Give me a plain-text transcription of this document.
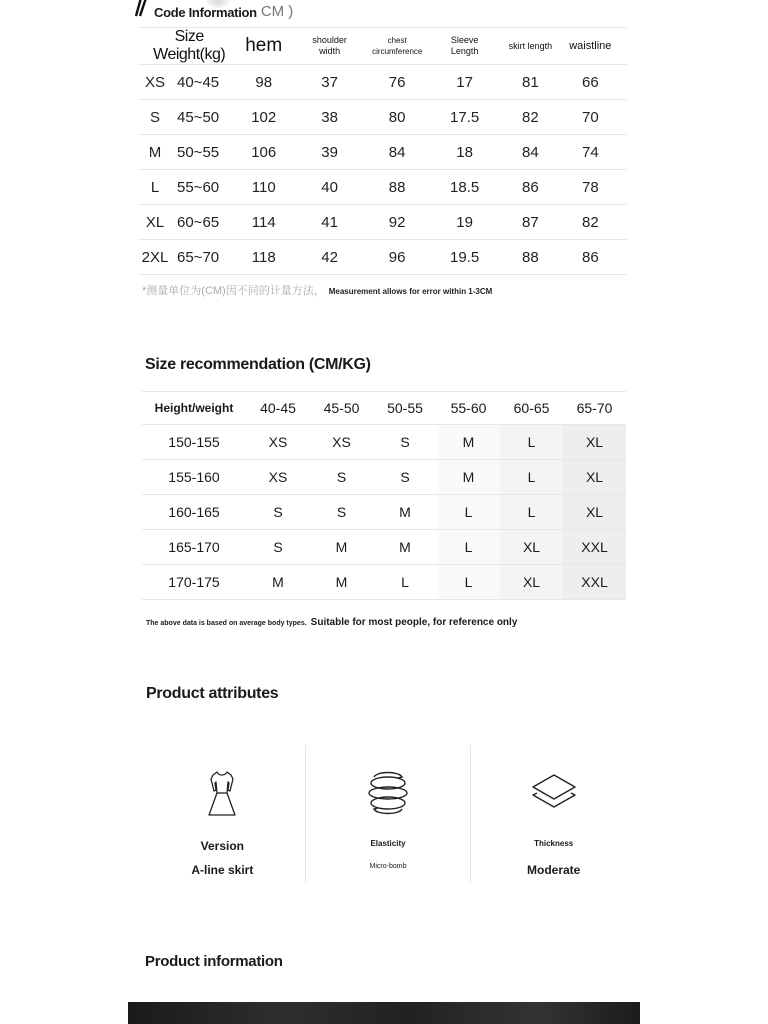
Code Information CM )
Size Weight(kg)	hem	shoulder width	chest circumference	Sleeve Length	skirt length	waistline
XS 40~45	98	37	76	17	81	66
S 45~50	102	38	80	17.5	82	70
M 50~55	106	39	84	18	84	74
L 55~60	110	40	88	18.5	86	78
XL 60~65	114	41	92	19	87	82
2XL 65~70	118	42	96	19.5	88	86
*测量单位为(CM)因不同的计量方法， Measurement allows for error within 1-3CM
Size recommendation (CM/KG)
Height/weight	40-45	45-50	50-55	55-60	60-65	65-70
150-155	XS	XS	S	M	L	XL
155-160	XS	S	S	M	L	XL
160-165	S	S	M	L	L	XL
165-170	S	M	M	L	XL	XXL
170-175	M	M	L	L	XL	XXL
The above data is based on average body types. Suitable for most people, for reference only
Product attributes
Version
A-line skirt
Elasticity
Micro-bomb
Thickness
Moderate
Product information
